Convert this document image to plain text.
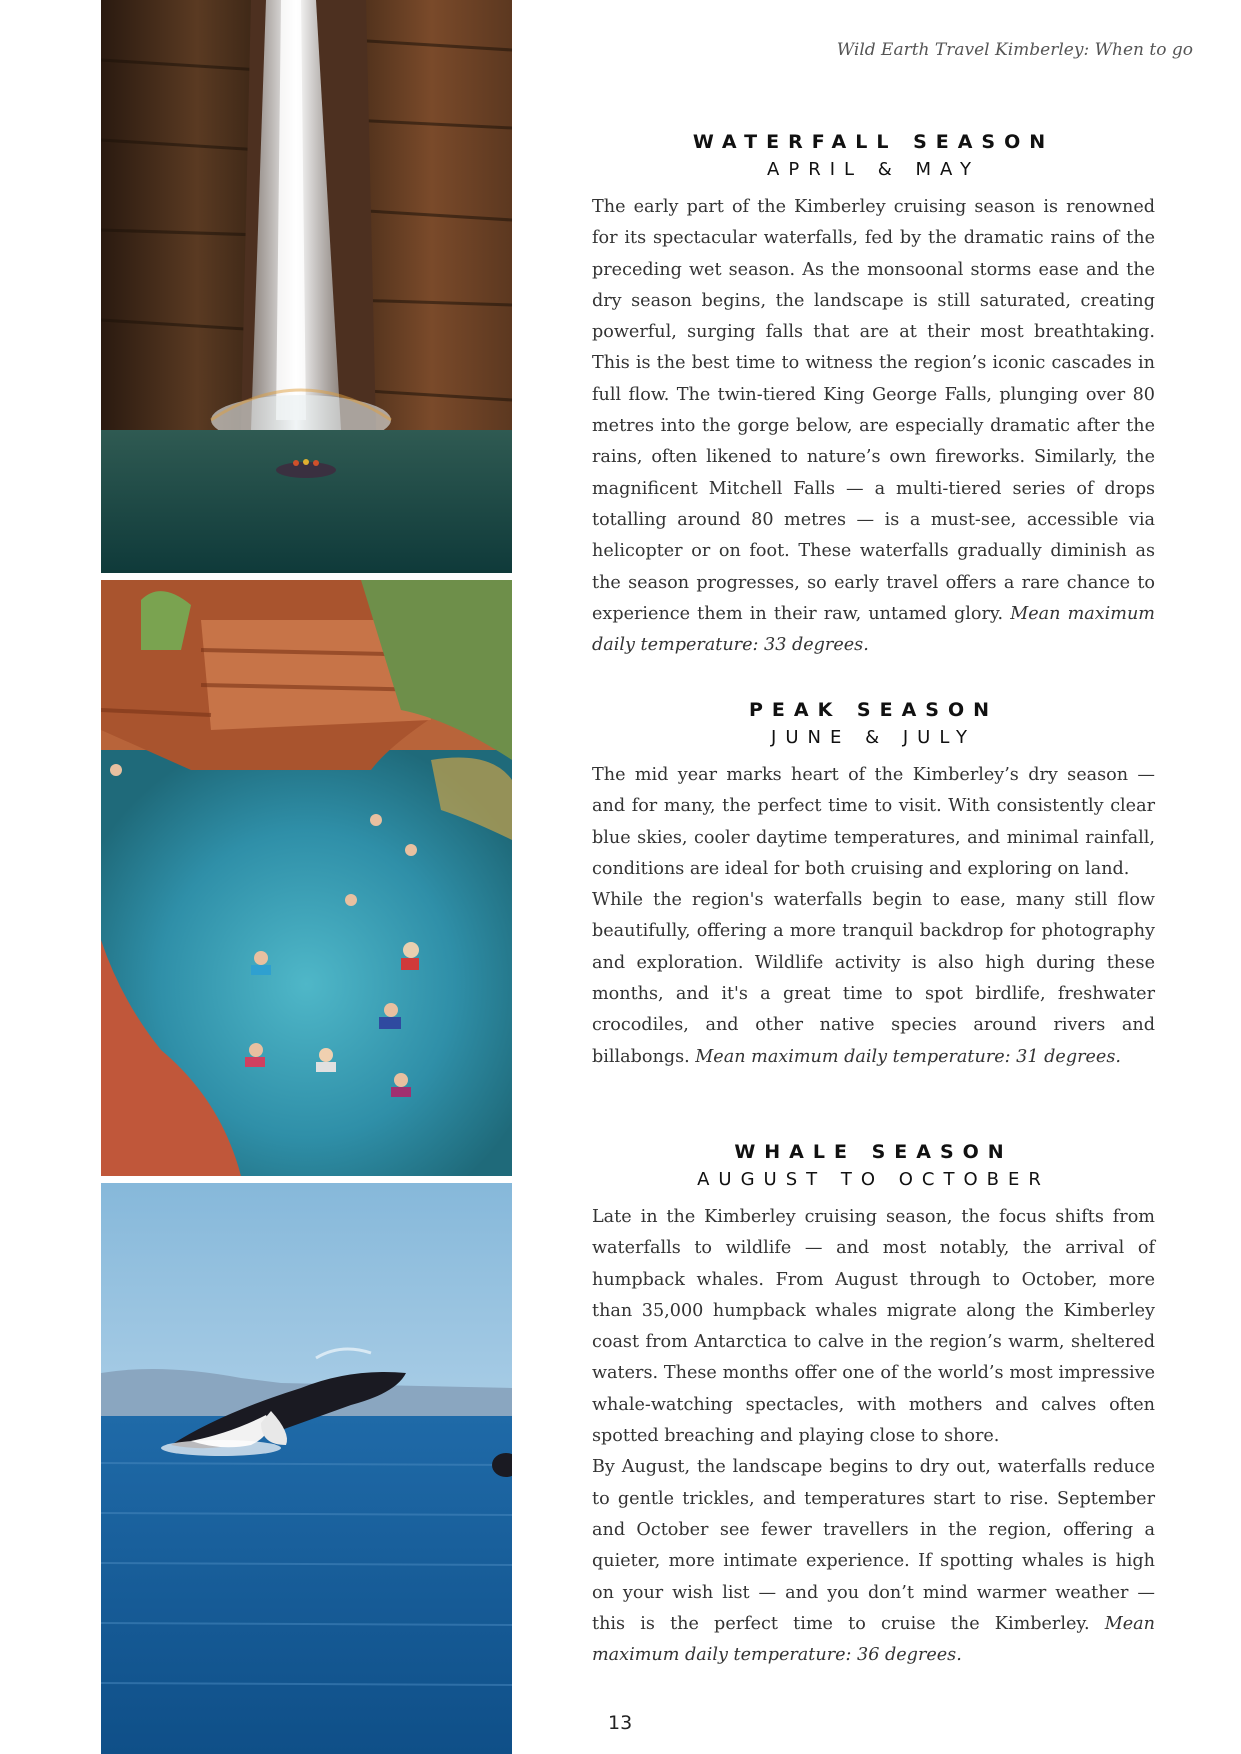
Wild Earth Travel Kimberley: When to go
WATERFALL SEASON
APRIL & MAY

The early part of the Kimberley cruising season is renowned for its spectacular waterfalls, fed by the dramatic rains of the preceding wet season. As the monsoonal storms ease and the dry season begins, the landscape is still saturated, creating powerful, surging falls that are at their most breathtaking. This is the best time to witness the region’s iconic cascades in full flow. The twin-tiered King George Falls, plunging over 80 metres into the gorge below, are especially dramatic after the rains, often likened to nature’s own fireworks. Similarly, the magnificent Mitchell Falls — a multi-tiered series of drops totalling around 80 metres — is a must-see, accessible via helicopter or on foot. These waterfalls gradually diminish as the season progresses, so early travel offers a rare chance to experience them in their raw, untamed glory. Mean maximum daily temperature: 33 degrees.

PEAK SEASON
JUNE & JULY

The mid year marks heart of the Kimberley’s dry season — and for many, the perfect time to visit. With consistently clear blue skies, cooler daytime temperatures, and minimal rainfall, conditions are ideal for both cruising and exploring on land.

While the region's waterfalls begin to ease, many still flow beautifully, offering a more tranquil backdrop for photography and exploration. Wildlife activity is also high during these months, and it's a great time to spot birdlife, freshwater crocodiles, and other native species around rivers and billabongs. Mean maximum daily temperature: 31 degrees.

WHALE SEASON
AUGUST TO OCTOBER

Late in the Kimberley cruising season, the focus shifts from waterfalls to wildlife — and most notably, the arrival of humpback whales. From August through to October, more than 35,000 humpback whales migrate along the Kimberley coast from Antarctica to calve in the region’s warm, sheltered waters. These months offer one of the world’s most impressive whale-watching spectacles, with mothers and calves often spotted breaching and playing close to shore.

By August, the landscape begins to dry out, waterfalls reduce to gentle trickles, and temperatures start to rise. September and October see fewer travellers in the region, offering a quieter, more intimate experience. If spotting whales is high on your wish list — and you don’t mind warmer weather — this is the perfect time to cruise the Kimberley. Mean maximum daily temperature: 36 degrees.

13
